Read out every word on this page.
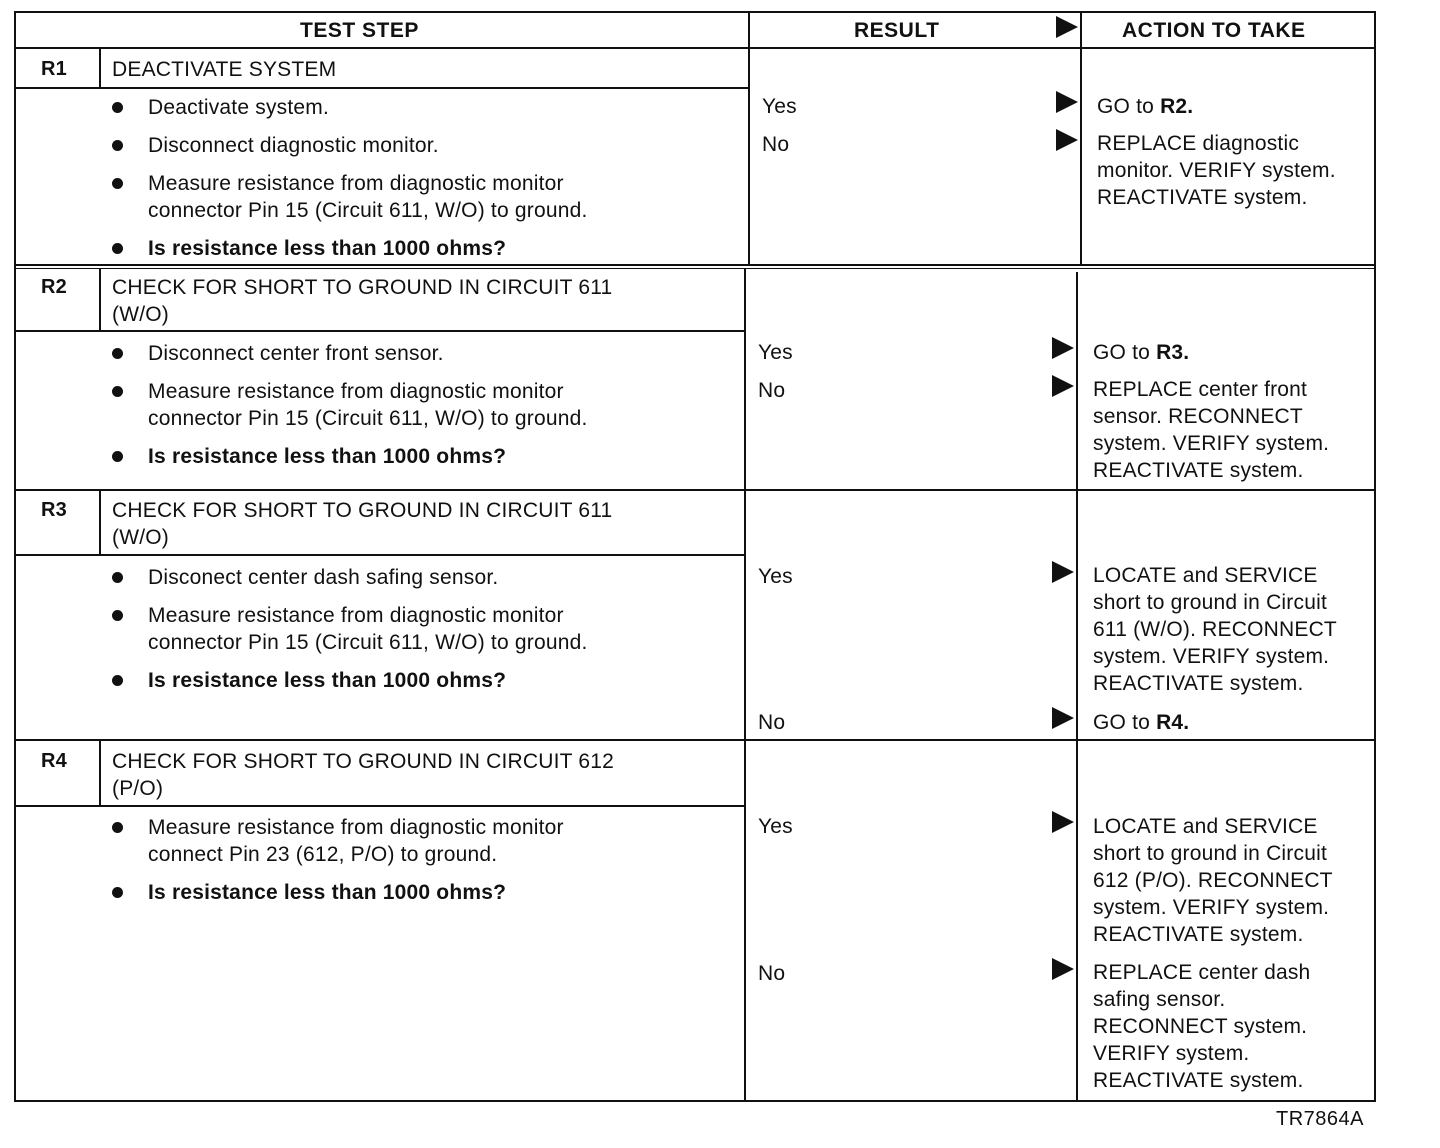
TEST STEP	RESULT	ACTION TO TAKE
R1 DEACTIVATE SYSTEM
Deactivate system.
Disconnect diagnostic monitor.
Measure resistance from diagnostic monitor
connector Pin 15 (Circuit 611, W/O) to ground.
Is resistance less than 1000 ohms?
Yes	GO to R2.
No	REPLACE diagnostic
monitor. VERIFY system.
REACTIVATE system.
R2 CHECK FOR SHORT TO GROUND IN CIRCUIT 611
(W/O)
Disconnect center front sensor.
Measure resistance from diagnostic monitor
connector Pin 15 (Circuit 611, W/O) to ground.
Is resistance less than 1000 ohms?
Yes	GO to R3.
No	REPLACE center front
sensor. RECONNECT
system. VERIFY system.
REACTIVATE system.
R3 CHECK FOR SHORT TO GROUND IN CIRCUIT 611
(W/O)
Disconect center dash safing sensor.
Measure resistance from diagnostic monitor
connector Pin 15 (Circuit 611, W/O) to ground.
Is resistance less than 1000 ohms?
Yes	LOCATE and SERVICE
short to ground in Circuit
611 (W/O). RECONNECT
system. VERIFY system.
REACTIVATE system.
No	GO to R4.
R4 CHECK FOR SHORT TO GROUND IN CIRCUIT 612
(P/O)
Measure resistance from diagnostic monitor
connect Pin 23 (612, P/O) to ground.
Is resistance less than 1000 ohms?
Yes	LOCATE and SERVICE
short to ground in Circuit
612 (P/O). RECONNECT
system. VERIFY system.
REACTIVATE system.
No	REPLACE center dash
safing sensor.
RECONNECT system.
VERIFY system.
REACTIVATE system.
TR7864A
